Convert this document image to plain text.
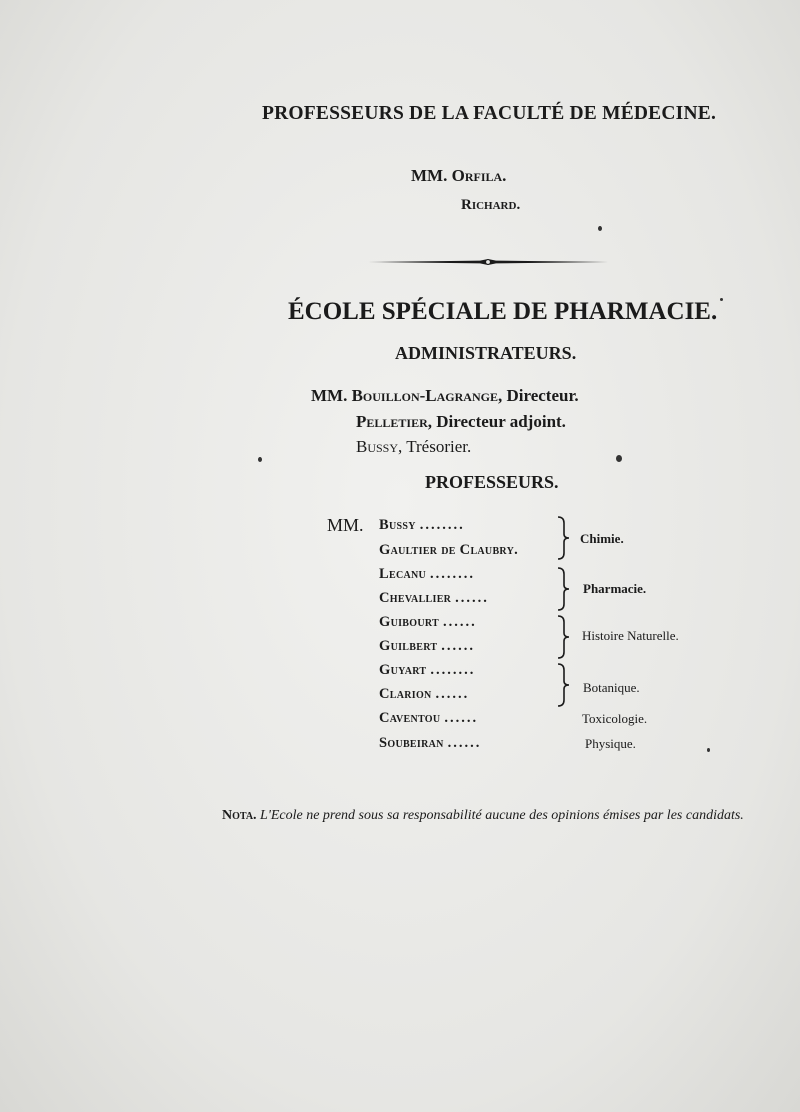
PROFESSEURS DE LA FACULTÉ DE MÉDECINE.
MM. Orfila.
Richard.
ÉCOLE SPÉCIALE DE PHARMACIE.
ADMINISTRATEURS.
MM. Bouillon-Lagrange, Directeur.
Pelletier, Directeur adjoint.
Bussy, Trésorier.
PROFESSEURS.
MM. Bussy ........
Gaultier de Claubry.
Lecanu ........
Chevallier ......
Guibourt ......
Guilbert ......
Guyart ........
Clarion ......
Caventou ......
Soubeiran ......
Chimie.
Pharmacie.
Histoire Naturelle.
Botanique.
Toxicologie.
Physique.
Nota. L'Ecole ne prend sous sa responsabilité aucune des opinions émises par les candidats.
